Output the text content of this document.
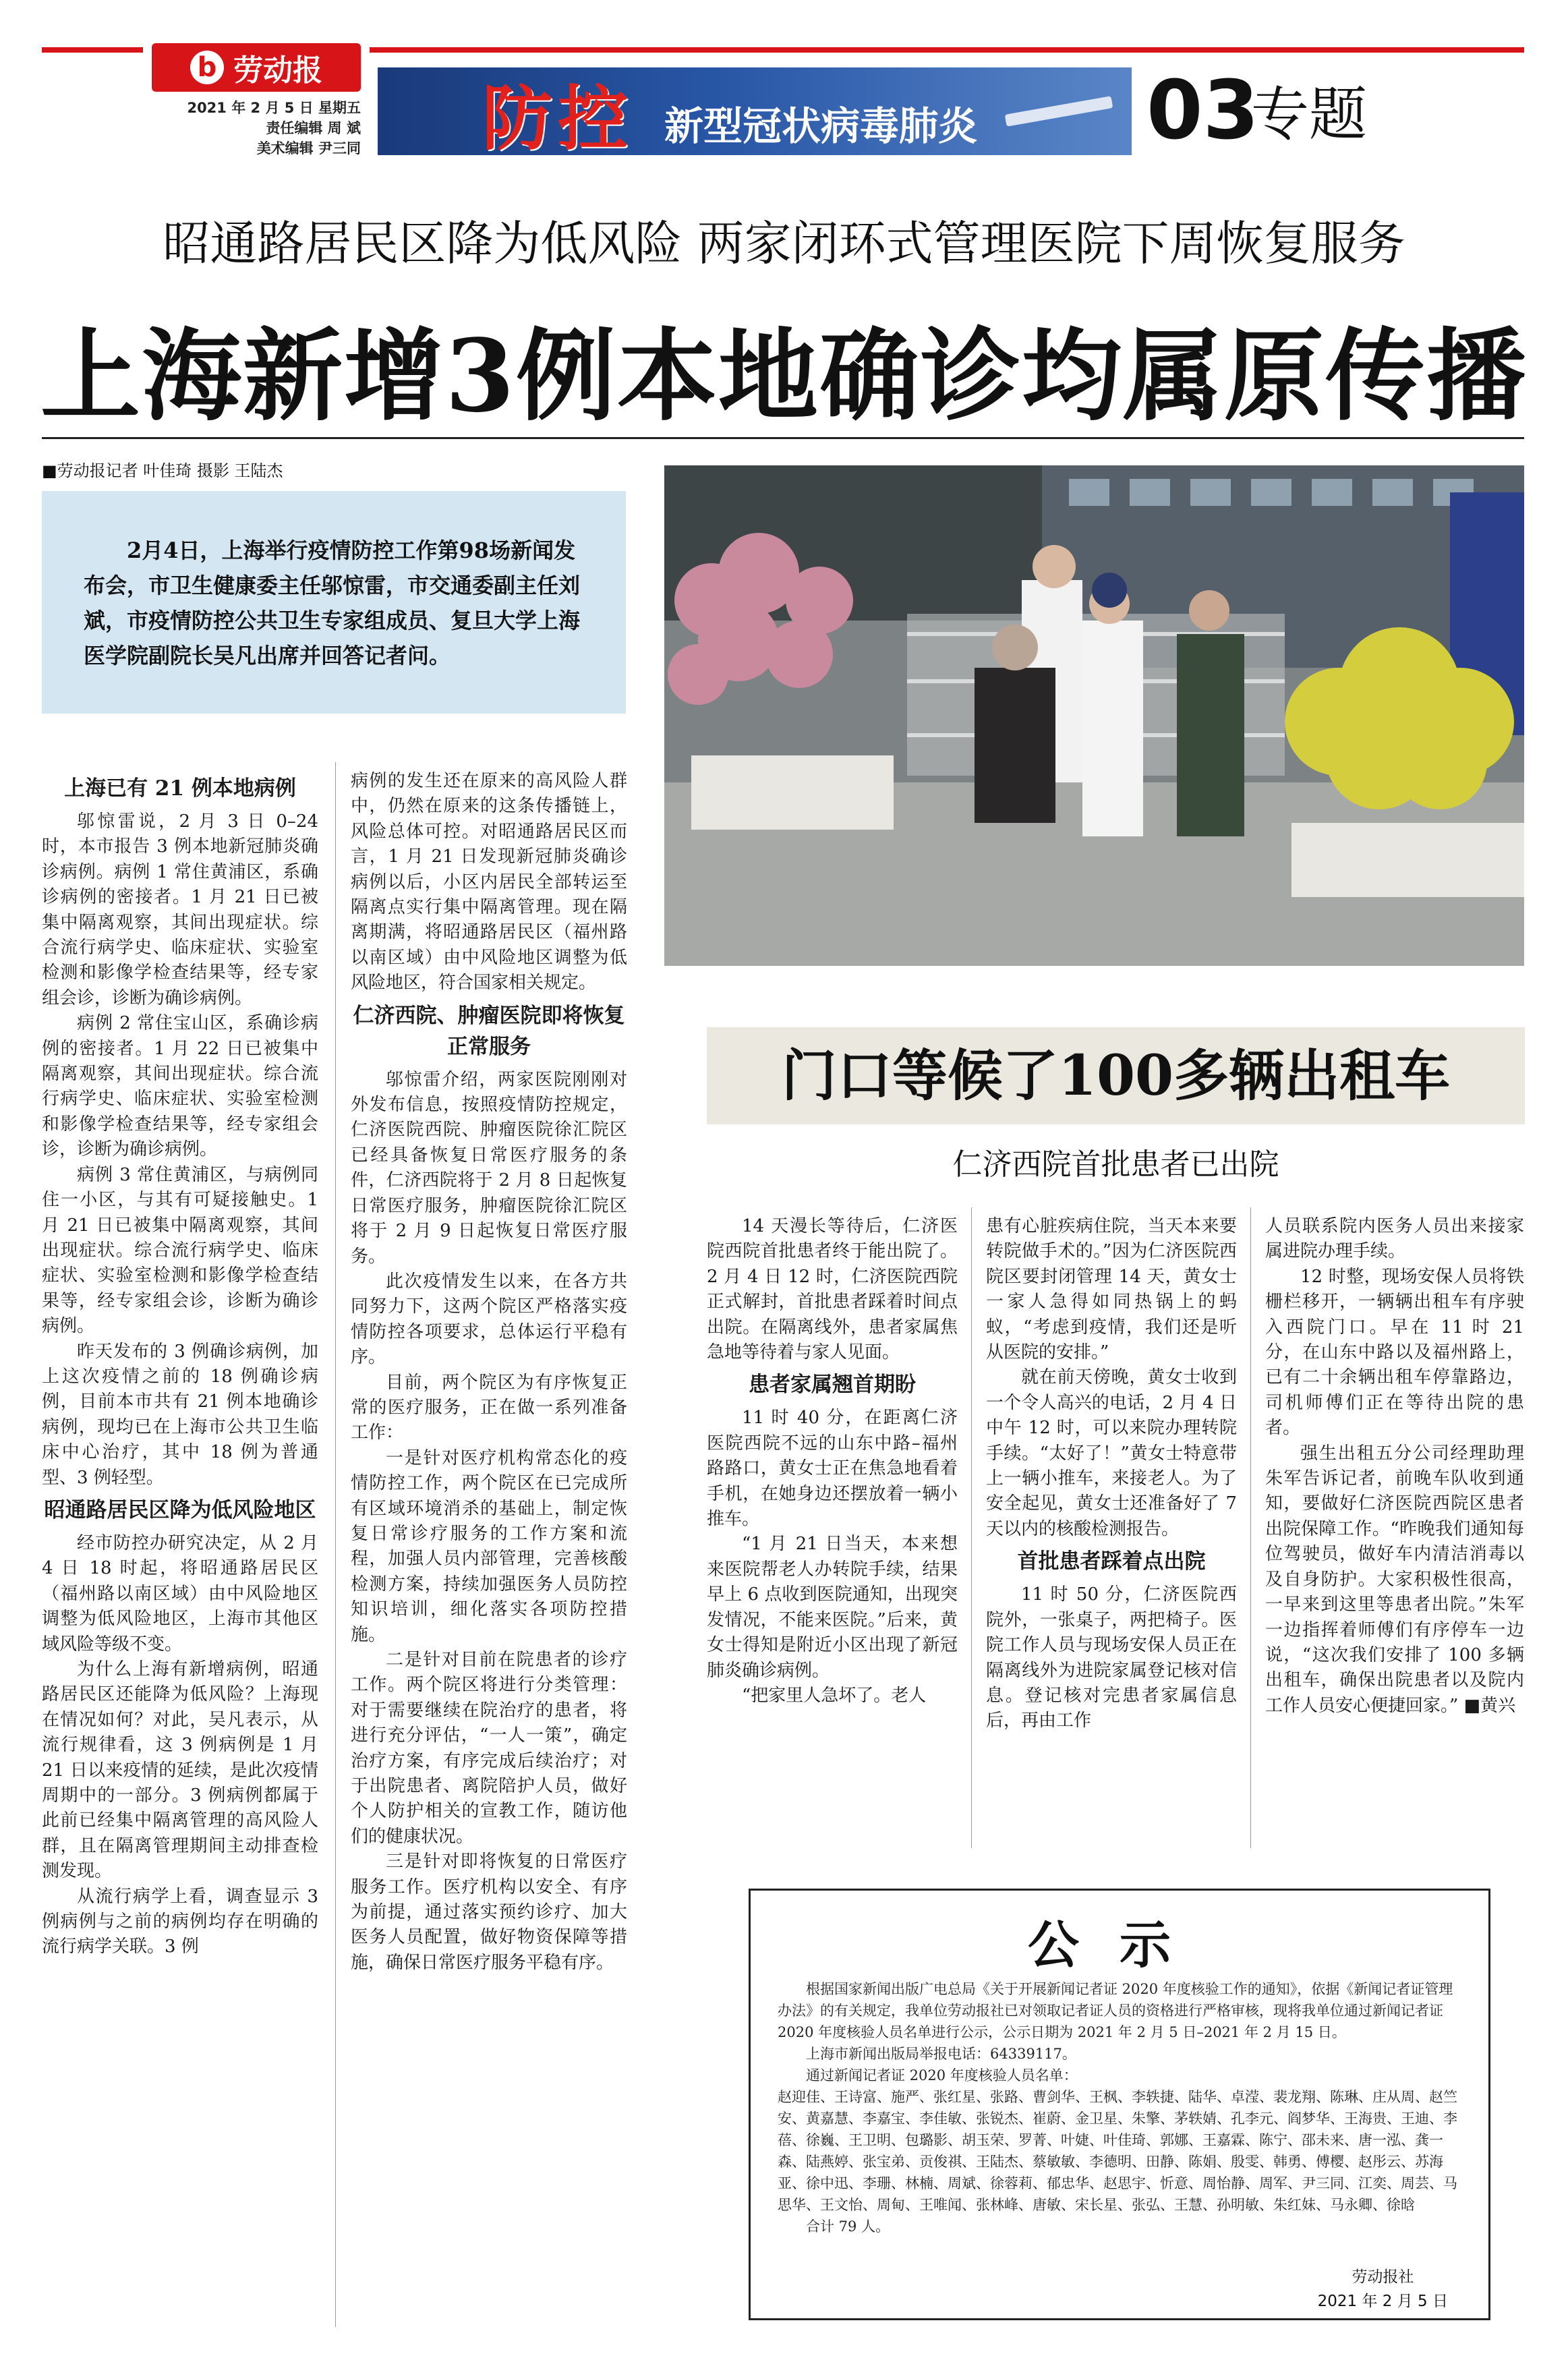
b 劳动报
2021 年 2 月 5 日 星期五
责任编辑 周 斌
美术编辑 尹三同 防控 新型冠状病毒肺炎 03
专题
昭通路居民区降为低风险 两家闭环式管理医院下周恢复服务
上海新增3例本地确诊均属原传播
■劳动报记者 叶佳琦 摄影 王陆杰
2月4日，上海举行疫情防控工作第98场新闻发布会，市卫生健康委主任邬惊雷，市交通委副主任刘斌，市疫情防控公共卫生专家组成员、复旦大学上海医学院副院长吴凡出席并回答记者问。
上海已有 21 例本地病例

邬惊雷说，2 月 3 日 0–24 时，本市报告 3 例本地新冠肺炎确诊病例。病例 1 常住黄浦区，系确诊病例的密接者。1 月 21 日已被集中隔离观察，其间出现症状。综合流行病学史、临床症状、实验室检测和影像学检查结果等，经专家组会诊，诊断为确诊病例。

病例 2 常住宝山区，系确诊病例的密接者。1 月 22 日已被集中隔离观察，其间出现症状。综合流行病学史、临床症状、实验室检测和影像学检查结果等，经专家组会诊，诊断为确诊病例。

病例 3 常住黄浦区，与病例同住一小区，与其有可疑接触史。1 月 21 日已被集中隔离观察，其间出现症状。综合流行病学史、临床症状、实验室检测和影像学检查结果等，经专家组会诊，诊断为确诊病例。

昨天发布的 3 例确诊病例，加上这次疫情之前的 18 例确诊病例，目前本市共有 21 例本地确诊病例，现均已在上海市公共卫生临床中心治疗，其中 18 例为普通型、3 例轻型。

昭通路居民区降为低风险地区

经市防控办研究决定，从 2 月 4 日 18 时起，将昭通路居民区（福州路以南区域）由中风险地区调整为低风险地区，上海市其他区域风险等级不变。

为什么上海有新增病例，昭通路居民区还能降为低风险？上海现在情况如何？对此，吴凡表示，从流行规律看，这 3 例病例是 1 月 21 日以来疫情的延续，是此次疫情周期中的一部分。3 例病例都属于此前已经集中隔离管理的高风险人群，且在隔离管理期间主动排查检测发现。

从流行病学上看，调查显示 3 例病例与之前的病例均存在明确的流行病学关联。3 例

病例的发生还在原来的高风险人群中，仍然在原来的这条传播链上，风险总体可控。对昭通路居民区而言，1 月 21 日发现新冠肺炎确诊病例以后，小区内居民全部转运至隔离点实行集中隔离管理。现在隔离期满，将昭通路居民区（福州路以南区域）由中风险地区调整为低风险地区，符合国家相关规定。

仁济西院、肿瘤医院即将恢复正常服务

邬惊雷介绍，两家医院刚刚对外发布信息，按照疫情防控规定，仁济医院西院、肿瘤医院徐汇院区已经具备恢复日常医疗服务的条件，仁济西院将于 2 月 8 日起恢复日常医疗服务，肿瘤医院徐汇院区将于 2 月 9 日起恢复日常医疗服务。

此次疫情发生以来，在各方共同努力下，这两个院区严格落实疫情防控各项要求，总体运行平稳有序。

目前，两个院区为有序恢复正常的医疗服务，正在做一系列准备工作：

一是针对医疗机构常态化的疫情防控工作，两个院区在已完成所有区域环境消杀的基础上，制定恢复日常诊疗服务的工作方案和流程，加强人员内部管理，完善核酸检测方案，持续加强医务人员防控知识培训，细化落实各项防控措施。

二是针对目前在院患者的诊疗工作。两个院区将进行分类管理：对于需要继续在院治疗的患者，将进行充分评估，“一人一策”，确定治疗方案，有序完成后续治疗；对于出院患者、离院陪护人员，做好个人防护相关的宣教工作，随访他们的健康状况。

三是针对即将恢复的日常医疗服务工作。医疗机构以安全、有序为前提，通过落实预约诊疗、加大医务人员配置，做好物资保障等措施，确保日常医疗服务平稳有序。

门口等候了100多辆出租车
仁济西院首批患者已出院

14 天漫长等待后，仁济医院西院首批患者终于能出院了。2 月 4 日 12 时，仁济医院西院正式解封，首批患者踩着时间点出院。在隔离线外，患者家属焦急地等待着与家人见面。

患者家属翘首期盼

11 时 40 分，在距离仁济医院西院不远的山东中路–福州路路口，黄女士正在焦急地看着手机，在她身边还摆放着一辆小推车。

“1 月 21 日当天，本来想来医院帮老人办转院手续，结果早上 6 点收到医院通知，出现突发情况，不能来医院。”后来，黄女士得知是附近小区出现了新冠肺炎确诊病例。

“把家里人急坏了。老人

患有心脏疾病住院，当天本来要转院做手术的。”因为仁济医院西院区要封闭管理 14 天，黄女士一家人急得如同热锅上的蚂蚁，“考虑到疫情，我们还是听从医院的安排。”

就在前天傍晚，黄女士收到一个令人高兴的电话，2 月 4 日中午 12 时，可以来院办理转院手续。“太好了！”黄女士特意带上一辆小推车，来接老人。为了安全起见，黄女士还准备好了 7 天以内的核酸检测报告。

首批患者踩着点出院

11 时 50 分，仁济医院西院外，一张桌子，两把椅子。医院工作人员与现场安保人员正在隔离线外为进院家属登记核对信息。登记核对完患者家属信息后，再由工作

人员联系院内医务人员出来接家属进院办理手续。

12 时整，现场安保人员将铁栅栏移开，一辆辆出租车有序驶入西院门口。早在 11 时 21 分，在山东中路以及福州路上，已有二十余辆出租车停靠路边，司机师傅们正在等待出院的患者。

强生出租五分公司经理助理朱军告诉记者，前晚车队收到通知，要做好仁济医院西院区患者出院保障工作。“昨晚我们通知每位驾驶员，做好车内清洁消毒以及自身防护。大家积极性很高，一早来到这里等患者出院。”朱军一边指挥着师傅们有序停车一边说，“这次我们安排了 100 多辆出租车，确保出院患者以及院内工作人员安心便捷回家。” ■黄兴

公示

根据国家新闻出版广电总局《关于开展新闻记者证 2020 年度核验工作的通知》，依据《新闻记者证管理办法》的有关规定，我单位劳动报社已对领取记者证人员的资格进行严格审核，现将我单位通过新闻记者证 2020 年度核验人员名单进行公示，公示日期为 2021 年 2 月 5 日–2021 年 2 月 15 日。

上海市新闻出版局举报电话：64339117。

通过新闻记者证 2020 年度核验人员名单：

赵迎佳、王诗富、施严、张红星、张路、曹剑华、王枫、李轶捷、陆华、卓滢、裴龙翔、陈琳、庄从周、赵竺安、黄嘉慧、李嘉宝、李佳敏、张锐杰、崔蔚、金卫星、朱擎、茅轶婧、孔李元、阎梦华、王海贵、王迪、李蓓、徐巍、王卫明、包璐影、胡玉荣、罗菁、叶婕、叶佳琦、郭娜、王嘉霖、陈宁、邵未来、唐一泓、龚一森、陆燕婷、张宝弟、贡俊祺、王陆杰、蔡敏敏、李德明、田静、陈娟、殷雯、韩勇、傅樱、赵彤云、苏海亚、徐中迅、李珊、林楠、周斌、徐蓉莉、郁忠华、赵思宇、忻意、周怡静、周军、尹三同、江奕、周芸、马思华、王文怡、周甸、王唯闻、张林峰、唐敏、宋长星、张弘、王慧、孙明敏、朱红妹、马永卿、徐晗

合计 79 人。

劳动报社
2021 年 2 月 5 日
